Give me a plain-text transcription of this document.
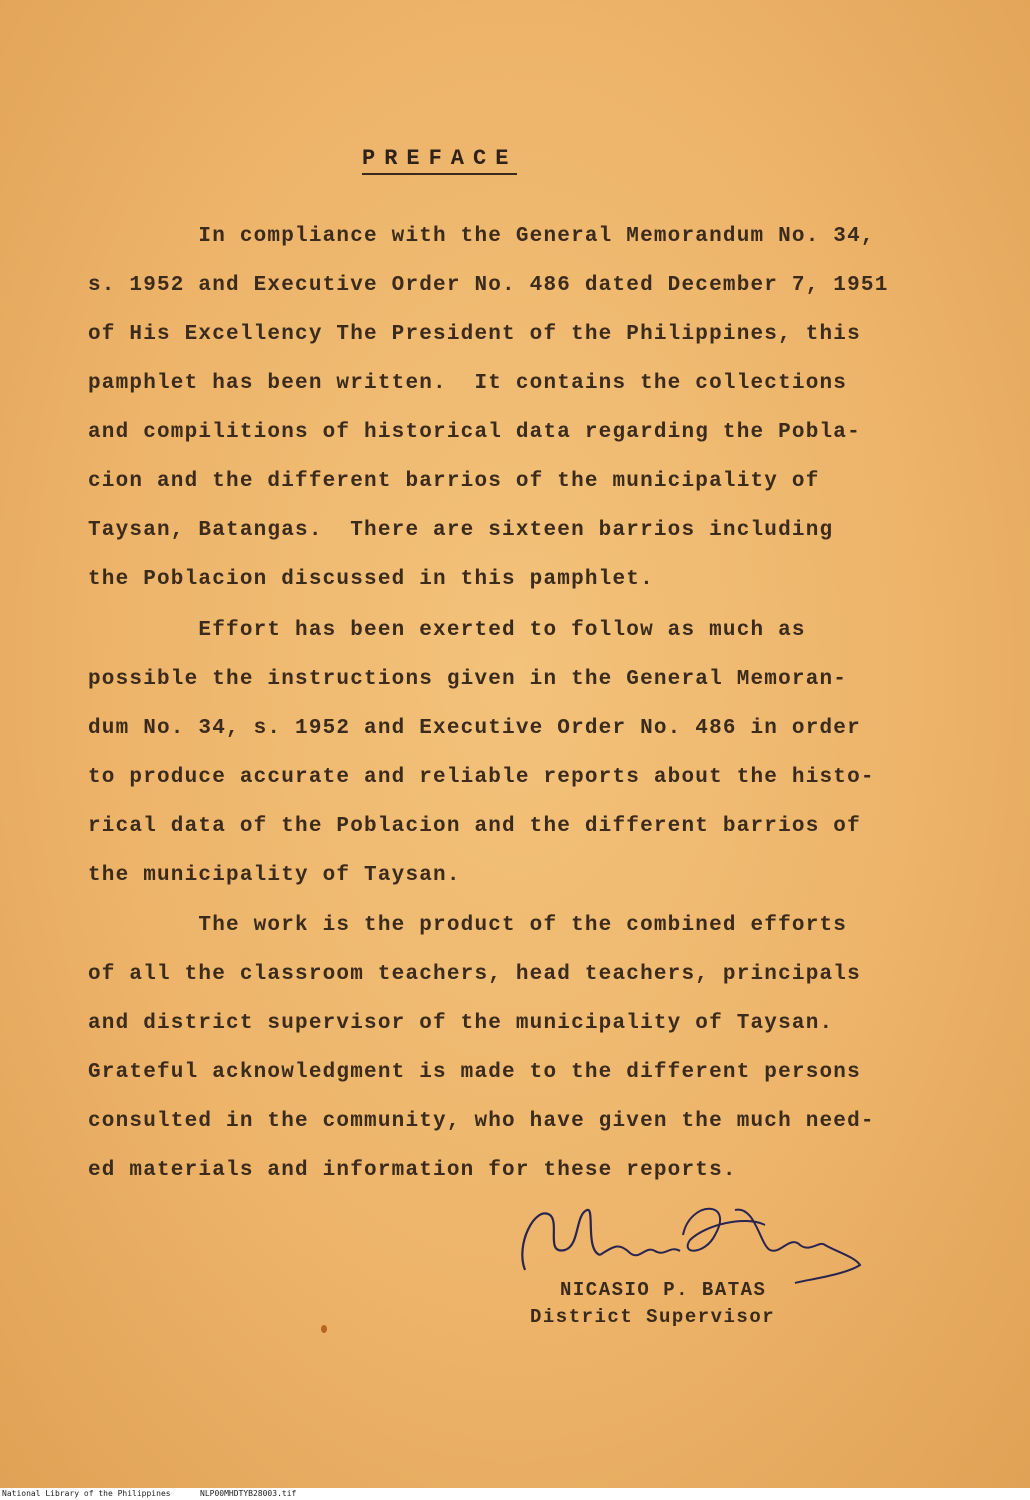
PREFACE
In compliance with the General Memorandum No. 34,
s. 1952 and Executive Order No. 486 dated December 7, 1951
of His Excellency The President of the Philippines, this
pamphlet has been written.  It contains the collections
and compilitions of historical data regarding the Pobla-
cion and the different barrios of the municipality of
Taysan, Batangas.  There are sixteen barrios including
the Poblacion discussed in this pamphlet.
Effort has been exerted to follow as much as
possible the instructions given in the General Memoran-
dum No. 34, s. 1952 and Executive Order No. 486 in order
to produce accurate and reliable reports about the histo-
rical data of the Poblacion and the different barrios of
the municipality of Taysan.
The work is the product of the combined efforts
of all the classroom teachers, head teachers, principals
and district supervisor of the municipality of Taysan.
Grateful acknowledgment is made to the different persons
consulted in the community, who have given the much need-
ed materials and information for these reports.
NICASIO P. BATAS
District Supervisor
National Library of the Philippines	NLP00MHDTYB28003.tif
